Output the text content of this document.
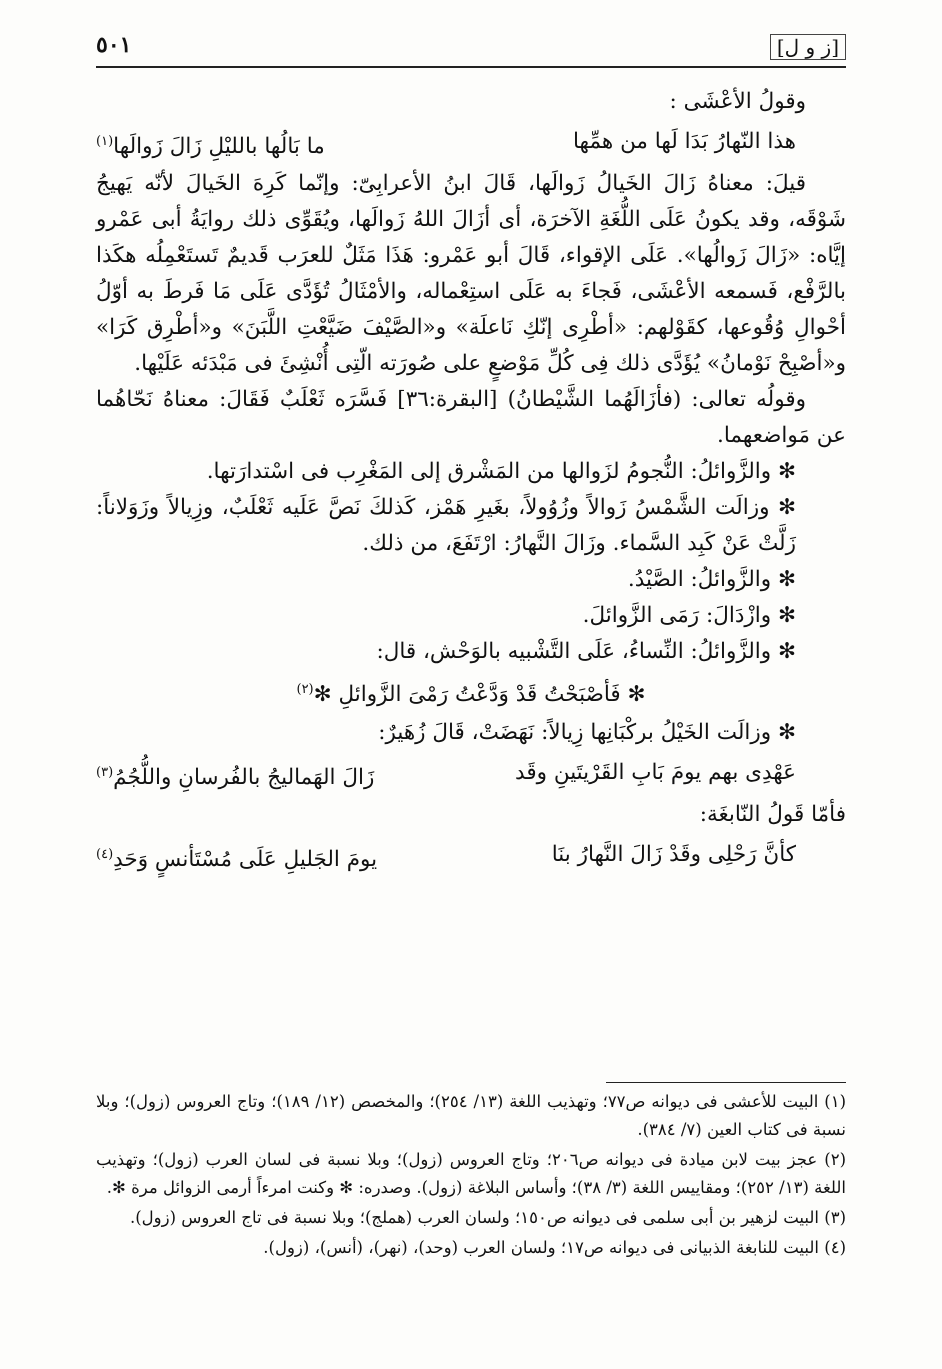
[ز و ل]
٥٠١

وقولُ الأعْشَى :

هذا النّهارُ بَدَا لَها من همِّها
ما بَالُها بالليْلِ زَالَ زَوالَها$^{(١)}$

قيلَ: معناهُ زَالَ الخَيالُ زَوالَها، قَالَ ابنُ الأعرابِىّ: وإنّما كَرِهَ الخَيالَ لأنّه يَهيجُ شَوْقَه، وقد يكونُ عَلَى اللُّغَةِ الآخرَة، أى أزَالَ اللهُ زَوالَها، ويُقَوِّى ذلك روايَةُ أبى عَمْرو إيَّاه: «زَالَ زَوالُها». عَلَى الإقواء، قَالَ أبو عَمْرو: هَذَا مَثَلٌ للعرَب قَديمٌ تَستَعْمِلُه هكَذا بالرَّفْع، فَسمعه الأعْشَى، فَجاءَ به عَلَى استِعْماله، والأمْثَالُ تُؤَدَّى عَلَى مَا فَرطَ به أوّلُ أحْوالِ وُقُوعها، كقَوْلهم: «أطْرِى إنّكِ نَاعلَة» و«الصَّيْفَ ضَيَّعْتِ اللَّبَنَ» و«أطْرِق كَرَا» و«أصْبِحْ نَوْمانُ» يُؤَدَّى ذلك فِى كُلِّ مَوْضعٍ على صُورَته الّتِى أُنْشِئَ فى مَبْدَئه عَلَيْها.

وقولُه تعالى: (فأزَالَهُما الشَّيْطانُ) [البقرة:٣٦] فَسَّرَه ثَعْلَبٌ فَقَالَ: معناهُ نَحّاهُما عن مَواضعهما.

✻ والزَّوائلُ: النُّجومُ لزَوالها من المَشْرق إلى المَغْرِب فى اسْتدارَتها.

✻ وزالَت الشَّمْسُ زَوالاً وزُوُولاً، بغَيرِ هَمْز، كَذلكَ نَصَّ عَلَيه ثَعْلَبٌ، وزِيالاً وزَوَلاناً: زَلَّتْ عَنْ كَبِد السَّماء. وزَالَ النَّهارُ: ارْتَفَعَ، من ذلك.

✻ والزَّوائلُ: الصَّيْدُ.

✻ وازْدَالَ: رَمَى الزَّوائلَ.

✻ والزَّوائلُ: النِّساءُ، عَلَى التَّشْبيه بالوَحْش، قال:

✻ فَأصْبَحْتُ قَدْ وَدَّعْتُ رَمْىَ الزَّوائلِ ✻$^{(٢)}$

✻ وزالَت الخَيْلُ بركْبَانِها زِيالاً: نَهَضَتْ، قَالَ زُهَيرٌ:

عَهْدِى بهم يومَ بَابِ القَرْيتَينِ وقَد
زَالَ الهَماليجُ بالفُرسانِ واللُّجُمُ$^{(٣)}$

فأمّا قَولُ النّابغَة:

كأنَّ رَحْلِى وقَدْ زَالَ النَّهارُ بنَا
يومَ الجَليلِ عَلَى مُسْتَأنسٍ وَحَدِ$^{(٤)}$

(١) البيت للأعشى فى ديوانه ص٧٧؛ وتهذيب اللغة (١٣/ ٢٥٤)؛ والمخصص (١٢/ ١٨٩)؛ وتاج العروس (زول)؛ وبلا نسبة فى كتاب العين (٧/ ٣٨٤).

(٢) عجز بيت لابن ميادة فى ديوانه ص٢٠٦؛ وتاج العروس (زول)؛ وبلا نسبة فى لسان العرب (زول)؛ وتهذيب اللغة (١٣/ ٢٥٢)؛ ومقاييس اللغة (٣/ ٣٨)؛ وأساس البلاغة (زول). وصدره: ✻ وكنت امرءاً أرمى الزوائل مرة ✻.

(٣) البيت لزهير بن أبى سلمى فى ديوانه ص١٥٠؛ ولسان العرب (هملج)؛ وبلا نسبة فى تاج العروس (زول).

(٤) البيت للنابغة الذبيانى فى ديوانه ص١٧؛ ولسان العرب (وحد)، (نهر)، (أنس)، (زول).
